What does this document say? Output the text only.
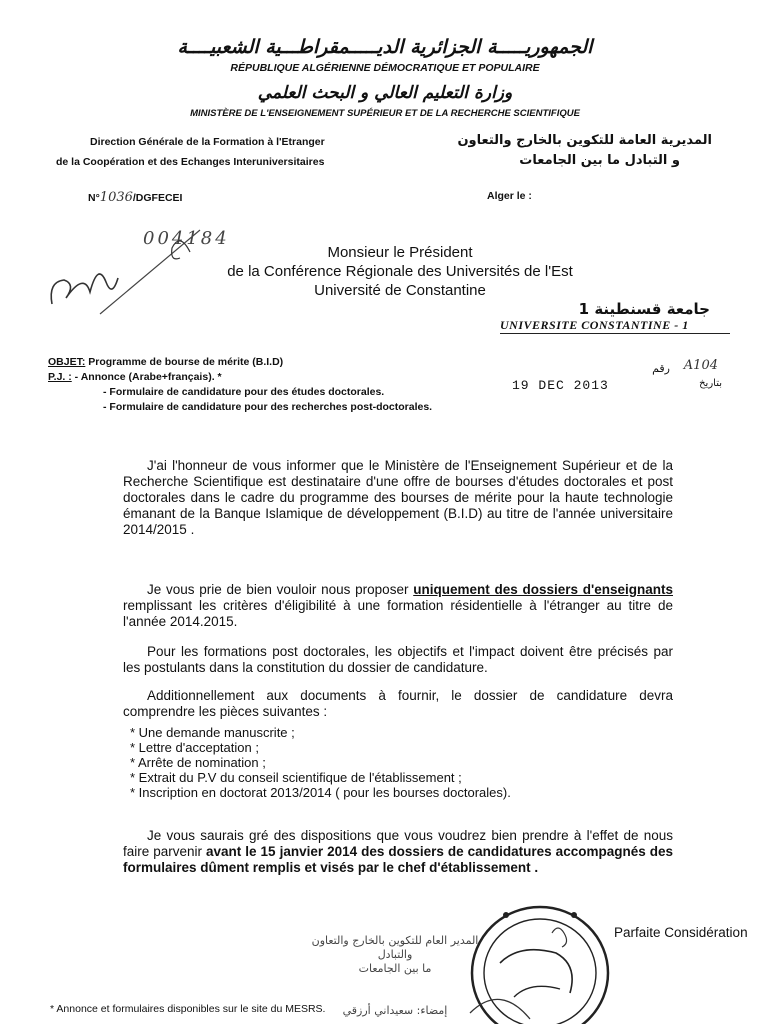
الجمهوريـــــة الجزائرية الديـــــمقراطـــية الشعبيــــة
RÉPUBLIQUE ALGÉRIENNE DÉMOCRATIQUE ET POPULAIRE
وزارة التعليم العالي و البحث العلمي
MINISTÈRE DE L'ENSEIGNEMENT SUPÉRIEUR ET DE LA RECHERCHE SCIENTIFIQUE
Direction Générale de la Formation à l'Etranger
de la Coopération et des Echanges Interuniversitaires
المديرية العامة للتكوين بالخارج والتعاون
و التبادل ما بين الجامعات
N°1036/DGFECEI	Alger le :
004184
Monsieur le Président
de la Conférence Régionale des Universités de l'Est
Université de Constantine
جامعة قسنطينة 1
UNIVERSITE CONSTANTINE - 1
رقم A104
19 DEC 2013	بتاريخ
OBJET: Programme de bourse de mérite (B.I.D)
P.J. : - Annonce (Arabe+français). *
- Formulaire de candidature pour des études doctorales.
- Formulaire de candidature pour des recherches post-doctorales.

J'ai l'honneur de vous informer que le Ministère de l'Enseignement Supérieur et de la Recherche Scientifique est destinataire d'une offre de bourses d'études doctorales et post doctorales dans le cadre du programme des bourses de mérite pour la haute technologie émanant de la Banque Islamique de développement (B.I.D) au titre de l'année universitaire 2014/2015 .

Je vous prie de bien vouloir nous proposer uniquement des dossiers d'enseignants remplissant les critères d'éligibilité à une formation résidentielle à l'étranger au titre de l'année 2014.2015.

Pour les formations post doctorales, les objectifs et l'impact doivent être précisés par les postulants dans la constitution du dossier de candidature.

Additionnellement aux documents à fournir, le dossier de candidature devra comprendre les pièces suivantes :

* Une demande manuscrite ;
* Lettre d'acceptation ;
* Arrête de nomination ;
* Extrait du P.V du conseil scientifique de l'établissement ;
* Inscription en doctorat 2013/2014 ( pour les bourses doctorales).

Je vous saurais gré des dispositions que vous voudrez bien prendre à l'effet de nous faire parvenir avant le 15 janvier 2014 des dossiers de candidatures accompagnés des formulaires dûment remplis et visés par le chef d'établissement .

Parfaite Considération
المدير العام للتكوين بالخارج والتعاون والتبادل
ما بين الجامعات
إمضاء: سعيداني أرزقي
* Annonce et formulaires disponibles sur le site du MESRS.
